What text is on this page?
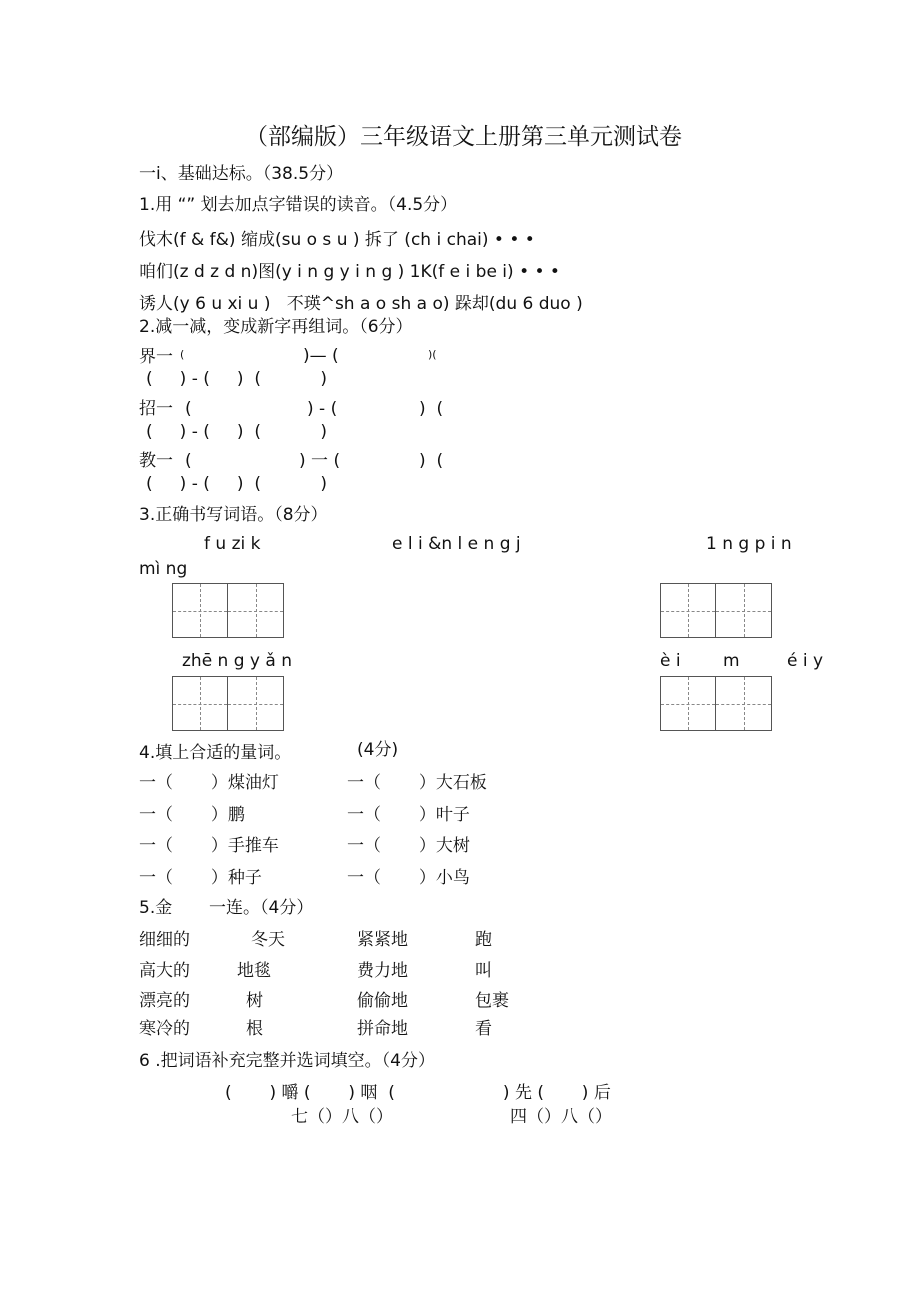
（部编版）三年级语文上册第三单元测试卷
一i、基础达标。（38.5分）
1.用 “” 划去加点字错误的读音。（4.5分）
伐木(f & f&) 缩成(su o s u ) 拆了 (ch i chai) • • •
咱们(z d z d n)图(y i n g y i n g ) 1K(f e i be i) • • •
诱人(y 6 u xi u )   不瑛^sh a o sh a o) 跺却(du 6 duo )
2.减一减，变成新字再组词。（6分）
界一 (	)— (	)(
(     ) - (     )  (           )
招一 (	) - (	)  (
(     ) - (     )  (           )
教一 (	) 一 (	)  (
(     ) - (     )  (           )
3.正确书写词语。（8分）
f u zi k	e l i &n l e n g j	1 n g p i n
mì ng
zhē n g y ǎ n	è i m	é i y
4.填上合适的量词。	(4分)
一（       ）煤油灯	一（       ）大石板
一（       ）鹏	一（       ）叶子
一（       ）手推车	一（       ）大树
一（       ）种子	一（       ）小鸟
5.金 一连。（4分）
细细的	冬天	紧紧地	跑
高大的	地毯	费力地	叫
漂亮的	树	偷偷地	包裹
寒冷的	根	拼命地	看
6 .把词语补充完整并选词填空。（4分）
(       ) 嚼 (       ) 咽  (                    ) 先 (       ) 后
七（）八（）	四（）八（）
